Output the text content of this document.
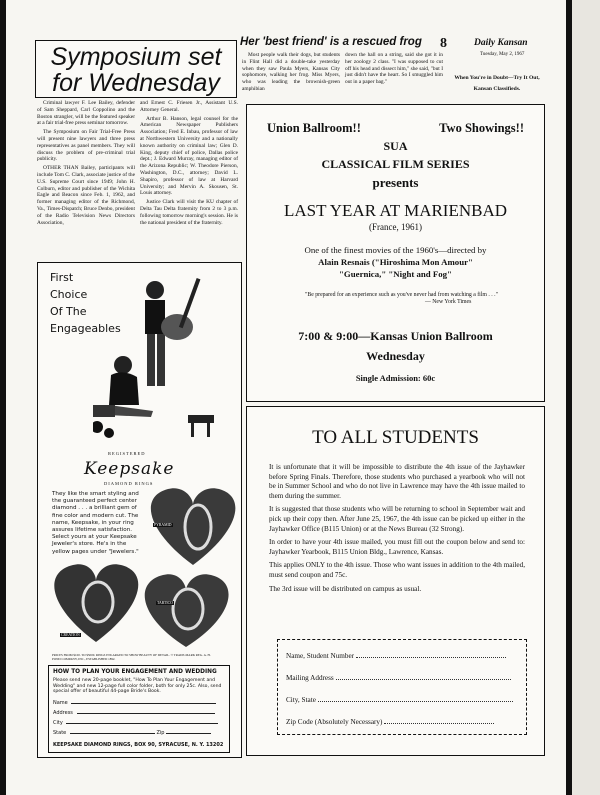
Symposium set
for Wednesday

Criminal lawyer F. Lee Bailey, defender of Sam Sheppard, Carl Coppolino and the Boston strangler, will be the featured speaker at a fair trial-free press seminar tomorrow.

The Symposium on Fair Trial-Free Press will present nine lawyers and three press representatives as panel members. They will discuss the problem of pre-criminal trial publicity.

OTHER THAN Bailey, participants will include Tom C. Clark, associate justice of the U.S. Supreme Court since 1949; John H. Colburn, editor and publisher of the Wichita Eagle and Beacon since Feb. 1, 1962, and former managing editor of the Richmond, Va., Times-Dispatch; Bruce Denbo, president of the Radio Television News Directors Association,

and Ernest C. Friesen Jr., Assistant U.S. Attorney General.

Arthur B. Hanson, legal counsel for the American Newspaper Publishers Association; Fred E. Inbau, professor of law at Northwestern University and a nationally known authority on criminal law; Glen D. King, deputy chief of police, Dallas police dept.; J. Edward Murray, managing editor of the Arizona Republic; W. Theodore Pierson, Washington, D.C., attorney; David L. Shapiro, professor of law at Harvard University; and Mervin A. Skousen, St. Louis attorney.

Justice Clark will visit the KU chapter of Delta Tau Delta fraternity from 2 to 3 p.m. following tomorrow morning's session. He is the national president of the fraternity.

Her 'best friend' is a rescued frog
Most people walk their dogs, but students in Flint Hall did a double-take yesterday when they saw Paula Myers, Kansas City sophomore, walking her frog. Miss Myers, who was leading the brownish-green amphibian
down the hall on a string, said she got it in her zoology 2 class. "I was supposed to cut off his head and dissect him," she said, "but I just didn't have the heart. So I smuggled him out in a paper bag."
8	Daily Kansan
Tuesday, May 2, 1967
When You're in Doubt—Try It Out, Kansan Classifieds.
First
Choice
Of The
Engageables
REGISTERED
Keepsake
DIAMOND RINGS
They like the smart styling and the guaranteed perfect center diamond . . . a brilliant gem of fine color and modern cut. The name, Keepsake, in your ring assures lifetime satisfaction. Select yours at your Keepsake Jeweler's store. He's in the yellow pages under "Jewelers."
PYRAMID
CREATION
TARTICO
PRICES FROM $100. TO $5000. RINGS ENLARGED TO SHOW BEAUTY OF DETAIL. ® TRADE-MARK REG. A. H. POND COMPANY, INC., ESTABLISHED 1892.
HOW TO PLAN YOUR ENGAGEMENT AND WEDDING
Please send new 20-page booklet, "How To Plan Your Engagement and Wedding" and new 12-page full color folder, both for only 25c. Also, send special offer of beautiful 44-page Bride's Book.
Name
Address
City
State	Zip
KEEPSAKE DIAMOND RINGS, BOX 90, SYRACUSE, N. Y. 13202
Union Ballroom!!	Two Showings!!
SUA
CLASSICAL FILM SERIES
presents
LAST YEAR AT MARIENBAD
(France, 1961)
One of the finest movies of the 1960's—directed by
Alain Resnais ("Hiroshima Mon Amour"
"Guernica," "Night and Fog"
"Be prepared for an experience such as you've never had from watching a film . . ."
— New York Times
7:00 & 9:00—Kansas Union Ballroom
Wednesday
Single Admission: 60c
TO ALL STUDENTS

It is unfortunate that it will be impossible to distribute the 4th issue of the Jayhawker before Spring Finals. Therefore, those students who purchased a yearbook who will not be in Summer School and who do not live in Lawrence may have the 4th issue mailed to them during the summer.

It is suggested that those students who will be returning to school in September wait and pick up their copy then. After June 25, 1967, the 4th issue can be picked up either in the Jayhawker Office (B115 Union) or at the News Bureau (32 Strong).

In order to have your 4th issue mailed, you must fill out the coupon below and send to: Jayhawker Yearbook, B115 Union Bldg., Lawrence, Kansas.

This applies ONLY to the 4th issue. Those who want issues in addition to the 4th mailed, must send coupon and 75c.

The 3rd issue will be distributed on campus as usual.

Name, Student Number
Mailing Address
City, State
Zip Code (Absolutely Necessary)
